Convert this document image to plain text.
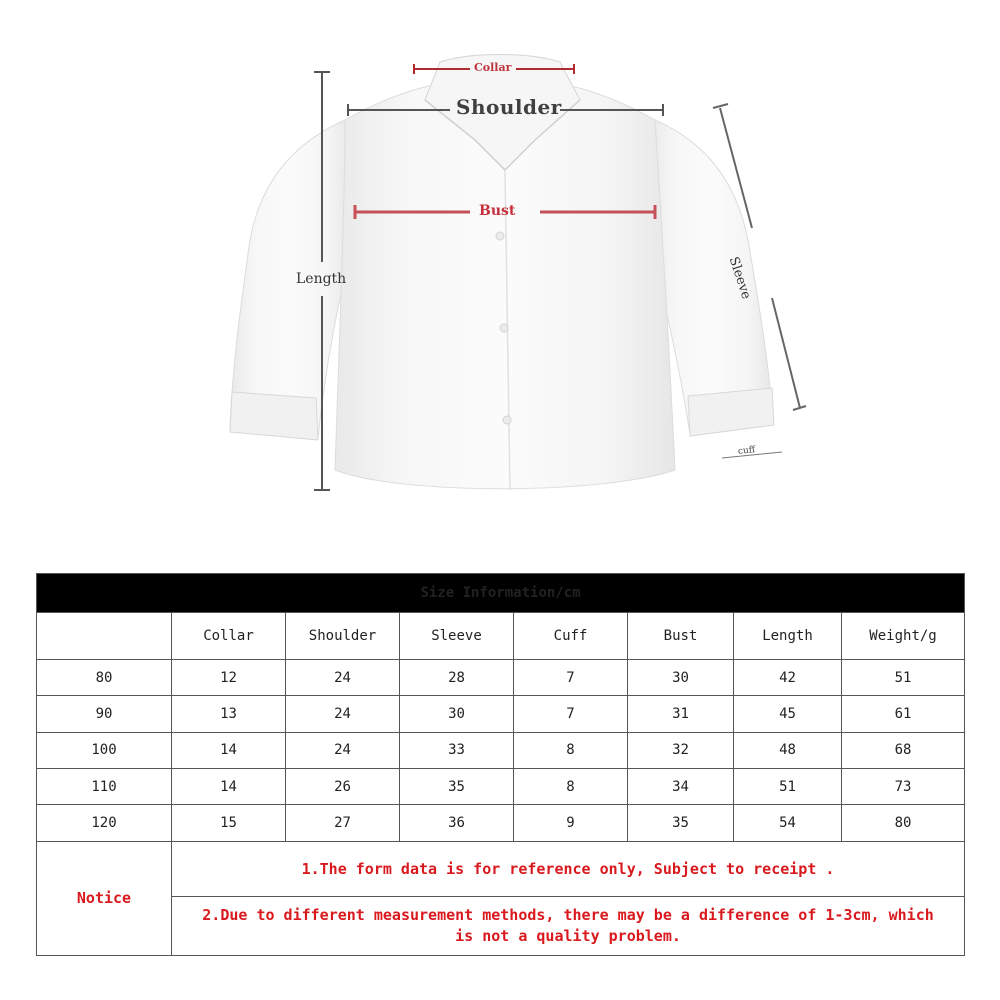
Collar
Shoulder
Bust
Length	Sleeve
cuff
Size Information/cm							
	Collar	Shoulder	Sleeve	Cuff	Bust	Length	Weight/g
80	12	24	28	7	30	42	51
90	13	24	30	7	31	45	61
100	14	24	33	8	32	48	68
110	14	26	35	8	34	51	73
120	15	27	36	9	35	54	80
Notice	1.The form data is for reference only, Subject to receipt .						
	2.Due to different measurement methods, there may be a difference of 1-3cm, which is not a quality problem.						
